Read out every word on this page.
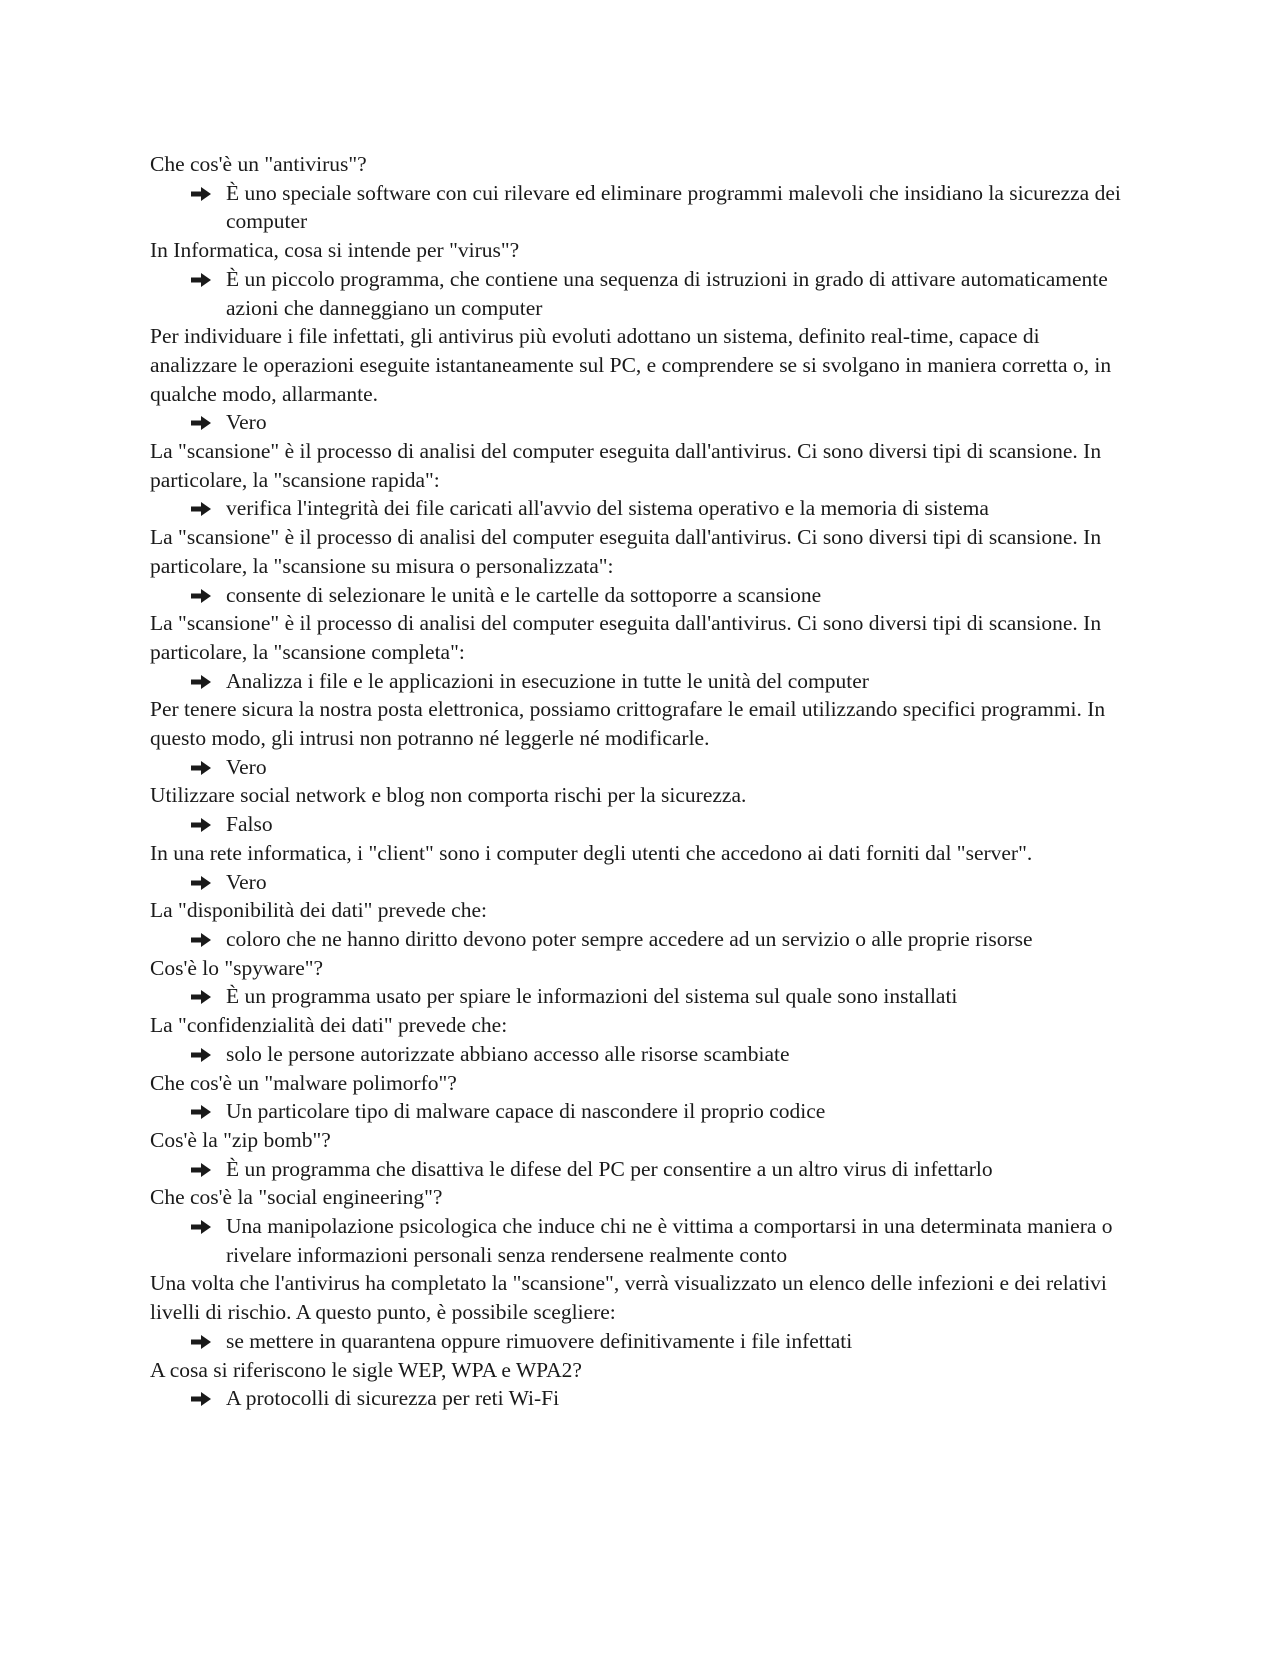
Che cos'è un "antivirus"?

È uno speciale software con cui rilevare ed eliminare programmi malevoli che insidiano la sicurezza dei computer

In Informatica, cosa si intende per "virus"?

È un piccolo programma, che contiene una sequenza di istruzioni in grado di attivare automaticamente azioni che danneggiano un computer

Per individuare i file infettati, gli antivirus più evoluti adottano un sistema, definito real-time, capace di analizzare le operazioni eseguite istantaneamente sul PC, e comprendere se si svolgano in maniera corretta o, in qualche modo, allarmante.

Vero

La "scansione" è il processo di analisi del computer eseguita dall'antivirus. Ci sono diversi tipi di scansione. In particolare, la "scansione rapida":

verifica l'integrità dei file caricati all'avvio del sistema operativo e la memoria di sistema

La "scansione" è il processo di analisi del computer eseguita dall'antivirus. Ci sono diversi tipi di scansione. In particolare, la "scansione su misura o personalizzata":

consente di selezionare le unità e le cartelle da sottoporre a scansione

La "scansione" è il processo di analisi del computer eseguita dall'antivirus. Ci sono diversi tipi di scansione. In particolare, la "scansione completa":

Analizza i file e le applicazioni in esecuzione in tutte le unità del computer

Per tenere sicura la nostra posta elettronica, possiamo crittografare le email utilizzando specifici programmi. In questo modo, gli intrusi non potranno né leggerle né modificarle.

Vero

Utilizzare social network e blog non comporta rischi per la sicurezza.

Falso

In una rete informatica, i "client" sono i computer degli utenti che accedono ai dati forniti dal "server".

Vero

La "disponibilità dei dati" prevede che:

coloro che ne hanno diritto devono poter sempre accedere ad un servizio o alle proprie risorse

Cos'è lo "spyware"?

È un programma usato per spiare le informazioni del sistema sul quale sono installati

La "confidenzialità dei dati" prevede che:

solo le persone autorizzate abbiano accesso alle risorse scambiate

Che cos'è un "malware polimorfo"?

Un particolare tipo di malware capace di nascondere il proprio codice

Cos'è la "zip bomb"?

È un programma che disattiva le difese del PC per consentire a un altro virus di infettarlo

Che cos'è la "social engineering"?

Una manipolazione psicologica che induce chi ne è vittima a comportarsi in una determinata maniera o rivelare informazioni personali senza rendersene realmente conto

Una volta che l'antivirus ha completato la "scansione", verrà visualizzato un elenco delle infezioni e dei relativi livelli di rischio. A questo punto, è possibile scegliere:

se mettere in quarantena oppure rimuovere definitivamente i file infettati

A cosa si riferiscono le sigle WEP, WPA e WPA2?

A protocolli di sicurezza per reti Wi-Fi
